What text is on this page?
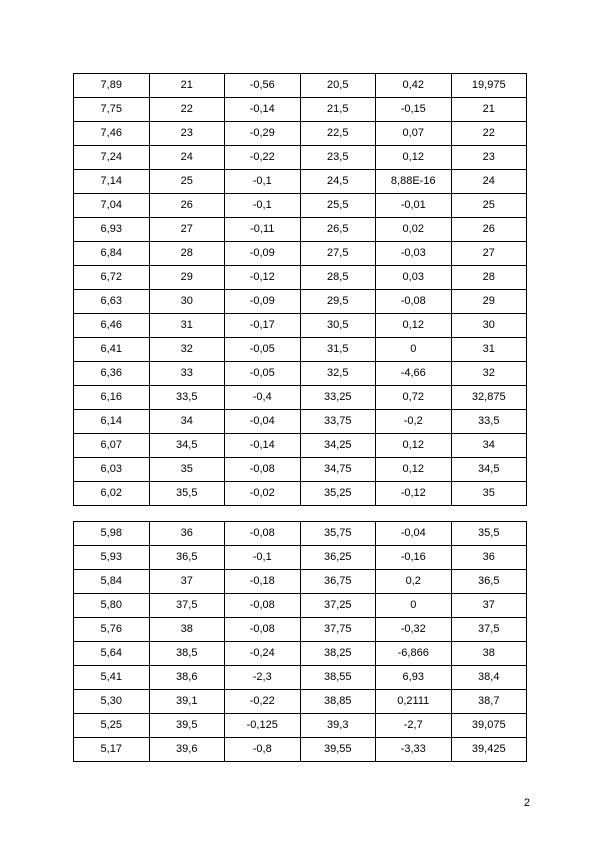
7,89	21	-0,56	20,5	0,42	19,975
7,75	22	-0,14	21,5	-0,15	21
7,46	23	-0,29	22,5	0,07	22
7,24	24	-0,22	23,5	0,12	23
7,14	25	-0,1	24,5	8,88E-16	24
7,04	26	-0,1	25,5	-0,01	25
6,93	27	-0,11	26,5	0,02	26
6,84	28	-0,09	27,5	-0,03	27
6,72	29	-0,12	28,5	0,03	28
6,63	30	-0,09	29,5	-0,08	29
6,46	31	-0,17	30,5	0,12	30
6,41	32	-0,05	31,5	0	31
6,36	33	-0,05	32,5	-4,66	32
6,16	33,5	-0,4	33,25	0,72	32,875
6,14	34	-0,04	33,75	-0,2	33,5
6,07	34,5	-0,14	34,25	0,12	34
6,03	35	-0,08	34,75	0,12	34,5
6,02	35,5	-0,02	35,25	-0,12	35
5,98	36	-0,08	35,75	-0,04	35,5
5,93	36,5	-0,1	36,25	-0,16	36
5,84	37	-0,18	36,75	0,2	36,5
5,80	37,5	-0,08	37,25	0	37
5,76	38	-0,08	37,75	-0,32	37,5
5,64	38,5	-0,24	38,25	-6,866	38
5,41	38,6	-2,3	38,55	6,93	38,4
5,30	39,1	-0,22	38,85	0,2111	38,7
5,25	39,5	-0,125	39,3	-2,7	39,075
5,17	39,6	-0,8	39,55	-3,33	39,425
2
